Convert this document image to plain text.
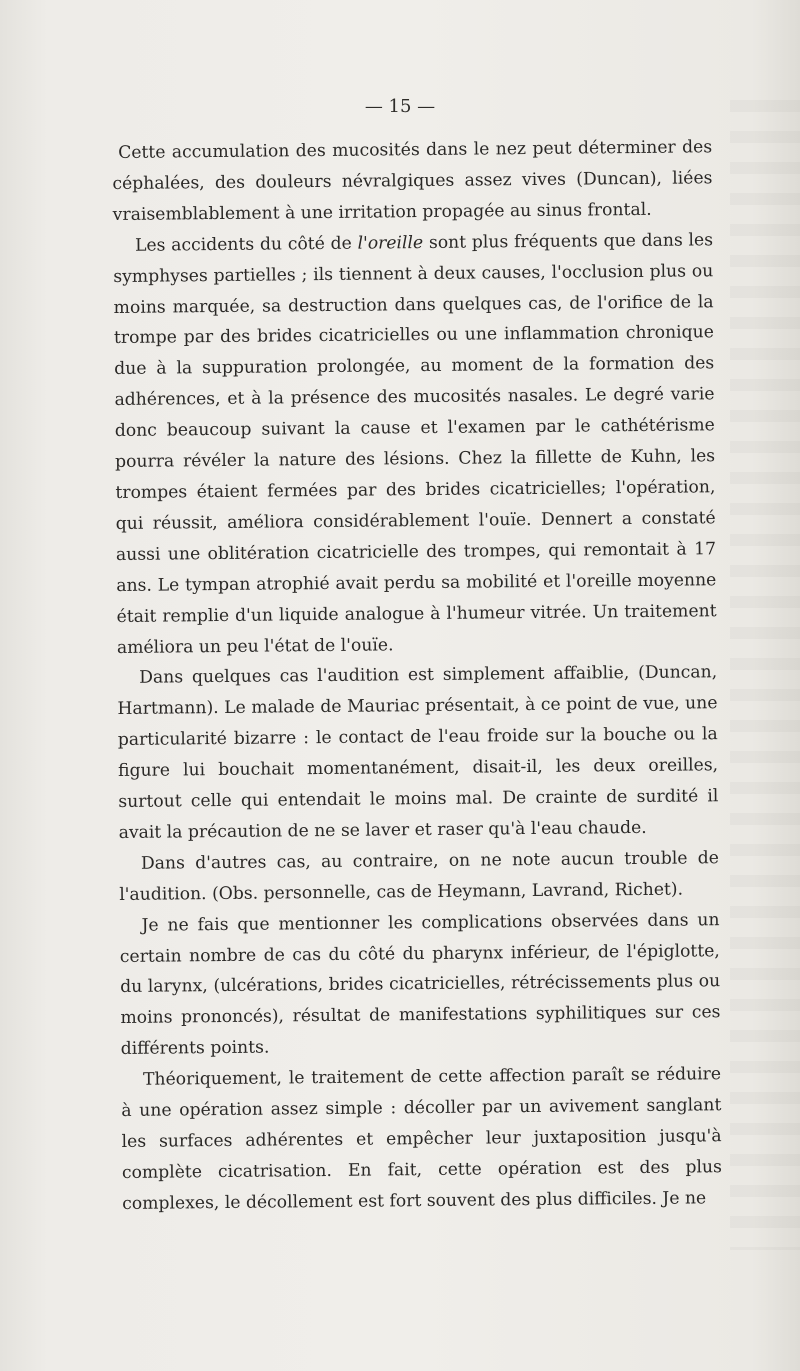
— 15 —

Cette accumulation des mucosités dans le nez peut déterminer des céphalées, des douleurs névralgiques assez vives (Duncan), liées vraisemblablement à une irritation propagée au sinus frontal.

Les accidents du côté de l'oreille sont plus fréquents que dans les symphyses partielles ; ils tiennent à deux causes, l'occlusion plus ou moins marquée, sa destruction dans quelques cas, de l'orifice de la trompe par des brides cicatricielles ou une inflammation chronique due à la suppuration prolongée, au moment de la formation des adhérences, et à la présence des mucosités nasales. Le degré varie donc beaucoup suivant la cause et l'examen par le cathétérisme pourra révéler la nature des lésions. Chez la fillette de Kuhn, les trompes étaient fermées par des brides cicatricielles; l'opération, qui réussit, améliora considérablement l'ouïe. Dennert a constaté aussi une oblitération cicatricielle des trompes, qui remontait à 17 ans. Le tympan atrophié avait perdu sa mobilité et l'oreille moyenne était remplie d'un liquide analogue à l'humeur vitrée. Un traitement améliora un peu l'état de l'ouïe.

Dans quelques cas l'audition est simplement affaiblie, (Duncan, Hartmann). Le malade de Mauriac présentait, à ce point de vue, une particularité bizarre : le contact de l'eau froide sur la bouche ou la figure lui bouchait momentanément, disait-il, les deux oreilles, surtout celle qui entendait le moins mal. De crainte de surdité il avait la précaution de ne se laver et raser qu'à l'eau chaude.

Dans d'autres cas, au contraire, on ne note aucun trouble de l'audition. (Obs. personnelle, cas de Heymann, Lavrand, Richet).

Je ne fais que mentionner les complications observées dans un certain nombre de cas du côté du pharynx inférieur, de l'épiglotte, du larynx, (ulcérations, brides cicatricielles, rétrécissements plus ou moins prononcés), résultat de manifestations syphilitiques sur ces différents points.

Théoriquement, le traitement de cette affection paraît se réduire à une opération assez simple : décoller par un avivement sanglant les surfaces adhérentes et empêcher leur juxtaposition jusqu'à complète cicatrisation. En fait, cette opération est des plus complexes, le décollement est fort souvent des plus difficiles. Je ne
